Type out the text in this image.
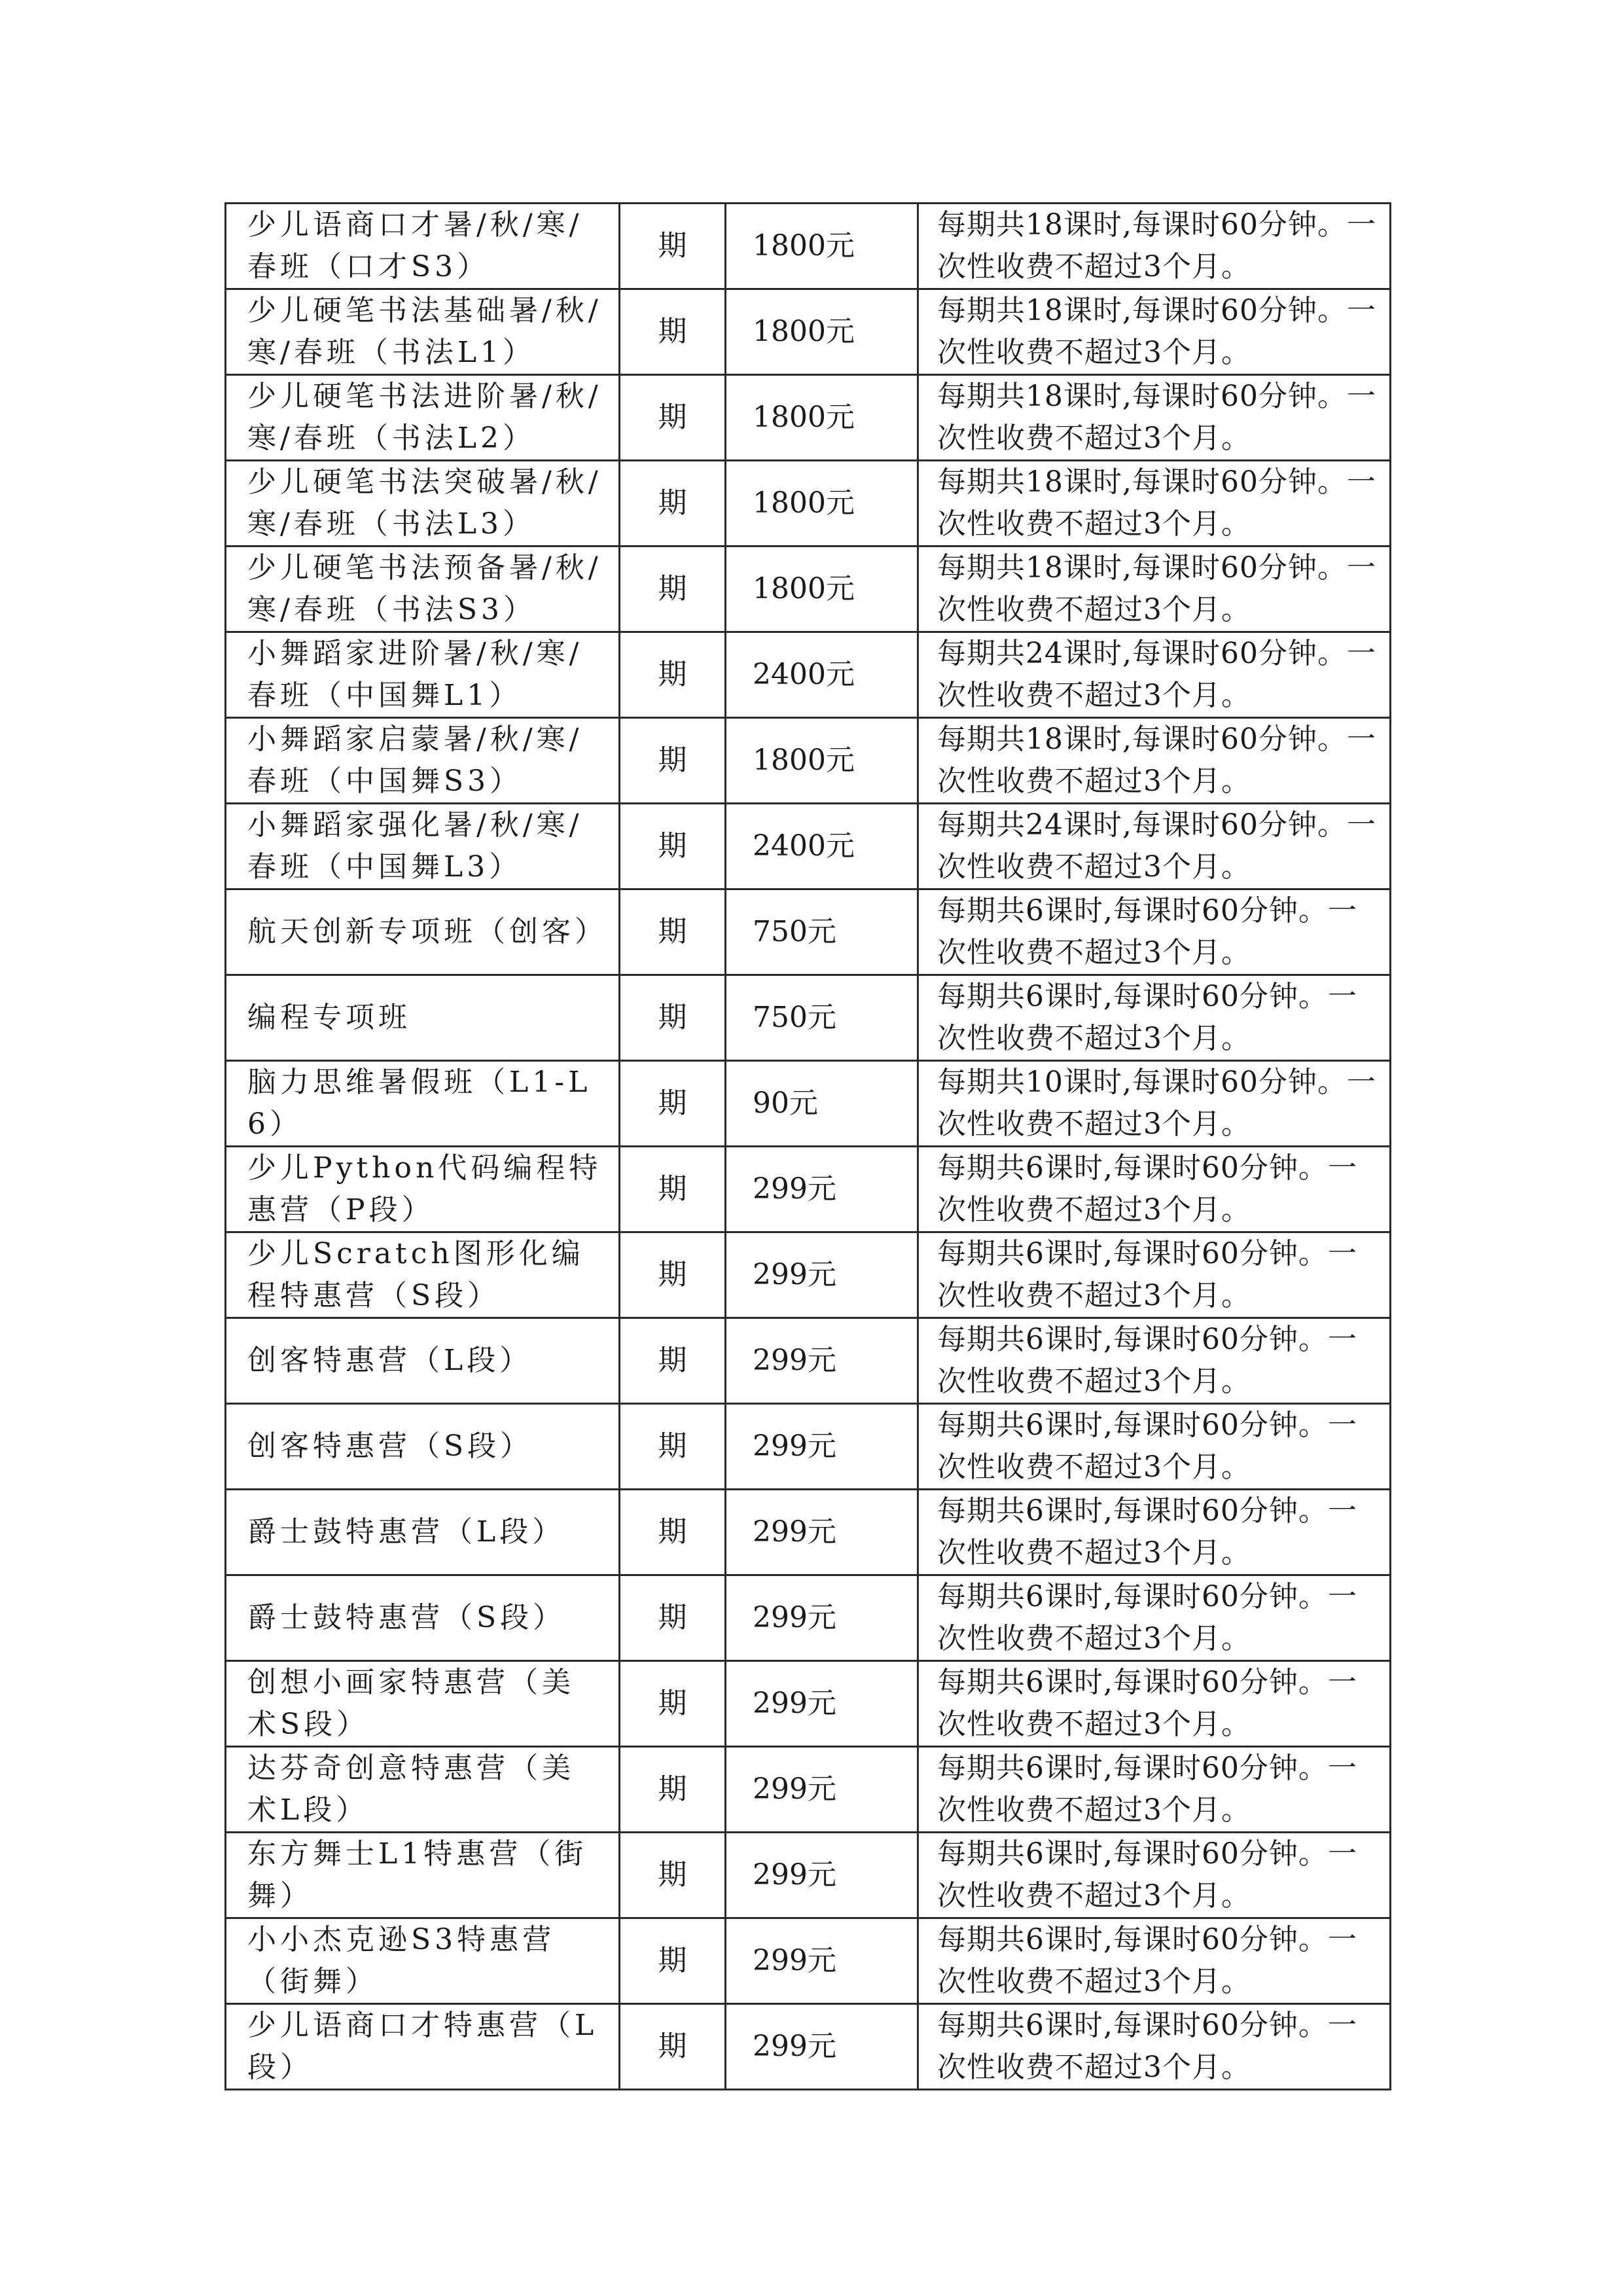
少儿语商口才暑/秋/寒/春班（口才S3）	期	1800元	每期共18课时,每课时60分钟。一次性收费不超过3个月。

少儿硬笔书法基础暑/秋/寒/春班（书法L1）	期	1800元	每期共18课时,每课时60分钟。一次性收费不超过3个月。

少儿硬笔书法进阶暑/秋/寒/春班（书法L2）	期	1800元	每期共18课时,每课时60分钟。一次性收费不超过3个月。

少儿硬笔书法突破暑/秋/寒/春班（书法L3）	期	1800元	每期共18课时,每课时60分钟。一次性收费不超过3个月。

少儿硬笔书法预备暑/秋/寒/春班（书法S3）	期	1800元	每期共18课时,每课时60分钟。一次性收费不超过3个月。

小舞蹈家进阶暑/秋/寒/春班（中国舞L1）	期	2400元	每期共24课时,每课时60分钟。一次性收费不超过3个月。

小舞蹈家启蒙暑/秋/寒/春班（中国舞S3）	期	1800元	每期共18课时,每课时60分钟。一次性收费不超过3个月。

小舞蹈家强化暑/秋/寒/春班（中国舞L3）	期	2400元	每期共24课时,每课时60分钟。一次性收费不超过3个月。

航天创新专项班（创客）	期	750元	每期共6课时,每课时60分钟。一次性收费不超过3个月。

编程专项班	期	750元	每期共6课时,每课时60分钟。一次性收费不超过3个月。

脑力思维暑假班（L1-L6）	期	90元	每期共10课时,每课时60分钟。一次性收费不超过3个月。

少儿Python代码编程特惠营（P段）	期	299元	每期共6课时,每课时60分钟。一次性收费不超过3个月。

少儿Scratch图形化编程特惠营（S段）	期	299元	每期共6课时,每课时60分钟。一次性收费不超过3个月。

创客特惠营（L段）	期	299元	每期共6课时,每课时60分钟。一次性收费不超过3个月。

创客特惠营（S段）	期	299元	每期共6课时,每课时60分钟。一次性收费不超过3个月。

爵士鼓特惠营（L段）	期	299元	每期共6课时,每课时60分钟。一次性收费不超过3个月。

爵士鼓特惠营（S段）	期	299元	每期共6课时,每课时60分钟。一次性收费不超过3个月。

创想小画家特惠营（美术S段）	期	299元	每期共6课时,每课时60分钟。一次性收费不超过3个月。

达芬奇创意特惠营（美术L段）	期	299元	每期共6课时,每课时60分钟。一次性收费不超过3个月。

东方舞士L1特惠营（街舞）	期	299元	每期共6课时,每课时60分钟。一次性收费不超过3个月。

小小杰克逊S3特惠营（街舞）	期	299元	每期共6课时,每课时60分钟。一次性收费不超过3个月。

少儿语商口才特惠营（L段）	期	299元	每期共6课时,每课时60分钟。一次性收费不超过3个月。
